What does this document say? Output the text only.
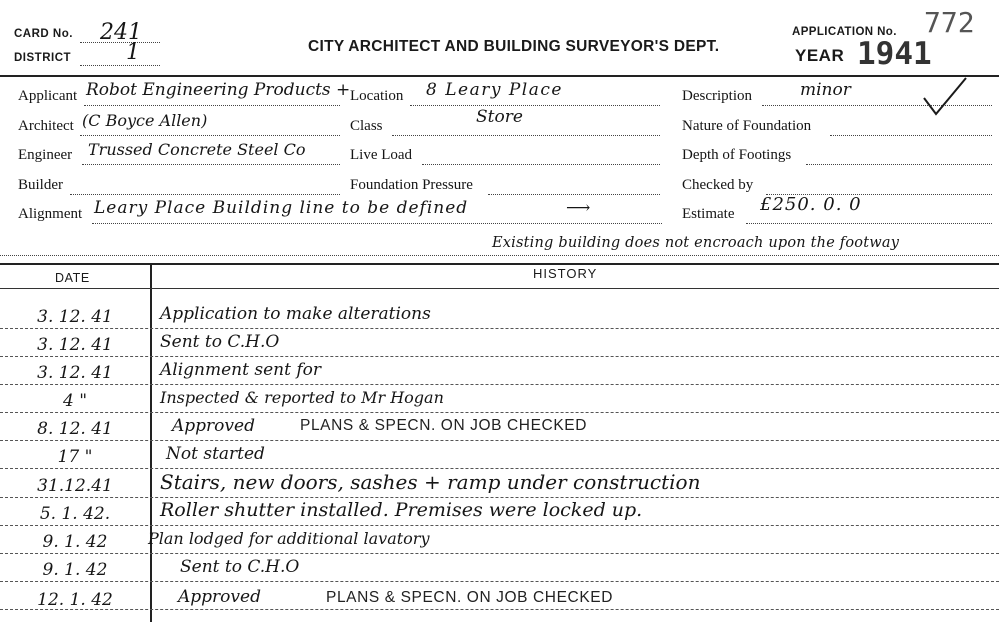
CARD No. 241
DISTRICT 1	CITY ARCHITECT AND BUILDING SURVEYOR'S DEPT.
APPLICATION No. 772
YEAR 1941
Applicant Robot Engineering Products +
Architect (C Boyce Allen)
Engineer Trussed Concrete Steel Co
Builder
Alignment Leary Place Building line to be defined	⟶
Location 8 Leary Place
Class	Store
Live Load
Foundation Pressure
Description	minor
Nature of Foundation
Depth of Footings
Checked by
Estimate £250. 0. 0
Existing building does not encroach upon the footway
DATE	HISTORY
3. 12. 41	Application to make alterations
3. 12. 41	Sent to C.H.O
3. 12. 41	Alignment sent for
4 "	Inspected & reported to Mr Hogan
8. 12. 41	Approved	PLANS & SPECN. ON JOB CHECKED
17 "	Not started
31.12.41	Stairs, new doors, sashes + ramp under construction
5. 1. 42.	Roller shutter installed. Premises were locked up.
9. 1. 42	Plan lodged for additional lavatory
9. 1. 42	Sent to C.H.O
12. 1. 42	Approved	PLANS & SPECN. ON JOB CHECKED
